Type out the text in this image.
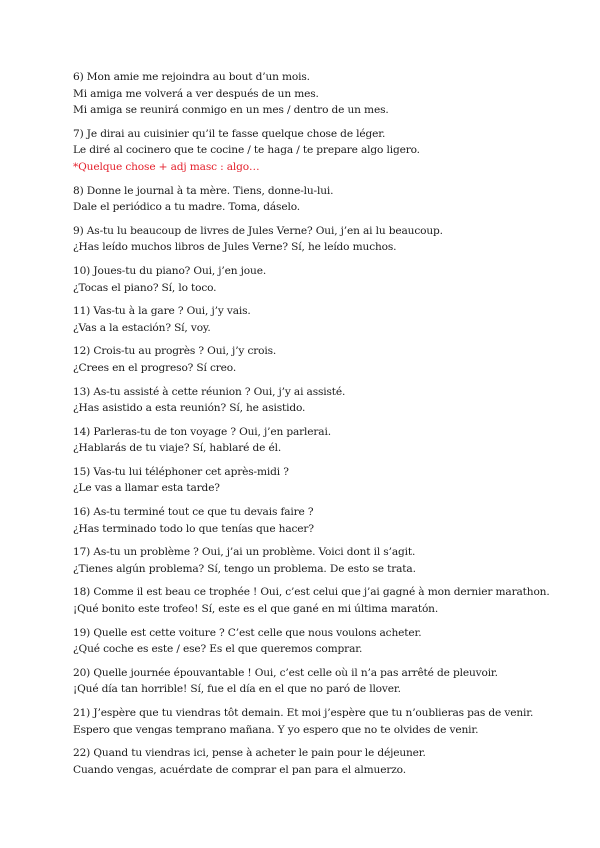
6) Mon amie me rejoindra au bout d’un mois.
Mi amiga me volverá a ver después de un mes.
Mi amiga se reunirá conmigo en un mes / dentro de un mes.
7) Je dirai au cuisinier qu’il te fasse quelque chose de léger.
Le diré al cocinero que te cocine / te haga / te prepare algo ligero.
*Quelque chose + adj masc : algo…
8) Donne le journal à ta mère. Tiens, donne-lu-lui.
Dale el periódico a tu madre. Toma, dáselo.
9) As-tu lu beaucoup de livres de Jules Verne? Oui, j’en ai lu beaucoup.
¿Has leído muchos libros de Jules Verne? Sí, he leído muchos.
10) Joues-tu du piano? Oui, j’en joue.
¿Tocas el piano? Sí, lo toco.
11) Vas-tu à la gare ? Oui, j’y vais.
¿Vas a la estación? Sí, voy.
12) Crois-tu au progrès ? Oui, j’y crois.
¿Crees en el progreso? Sí creo.
13) As-tu assisté à cette réunion ? Oui, j’y ai assisté.
¿Has asistido a esta reunión? Sí, he asistido.
14) Parleras-tu de ton voyage ? Oui, j’en parlerai.
¿Hablarás de tu viaje? Sí, hablaré de él.
15) Vas-tu lui téléphoner cet après-midi ?
¿Le vas a llamar esta tarde?
16) As-tu terminé tout ce que tu devais faire ?
¿Has terminado todo lo que tenías que hacer?
17) As-tu un problème ? Oui, j’ai un problème. Voici dont il s’agit.
¿Tienes algún problema? Sí, tengo un problema. De esto se trata.
18) Comme il est beau ce trophée ! Oui, c’est celui que j’ai gagné à mon dernier marathon.
¡Qué bonito este trofeo! Sí, este es el que gané en mi última maratón.
19) Quelle est cette voiture ? C’est celle que nous voulons acheter.
¿Qué coche es este / ese? Es el que queremos comprar.
20) Quelle journée épouvantable ! Oui, c’est celle où il n’a pas arrêté de pleuvoir.
¡Qué día tan horrible! Sí, fue el día en el que no paró de llover.
21) J’espère que tu viendras tôt demain. Et moi j’espère que tu n’oublieras pas de venir.
Espero que vengas temprano mañana. Y yo espero que no te olvides de venir.
22) Quand tu viendras ici, pense à acheter le pain pour le déjeuner.
Cuando vengas, acuérdate de comprar el pan para el almuerzo.
